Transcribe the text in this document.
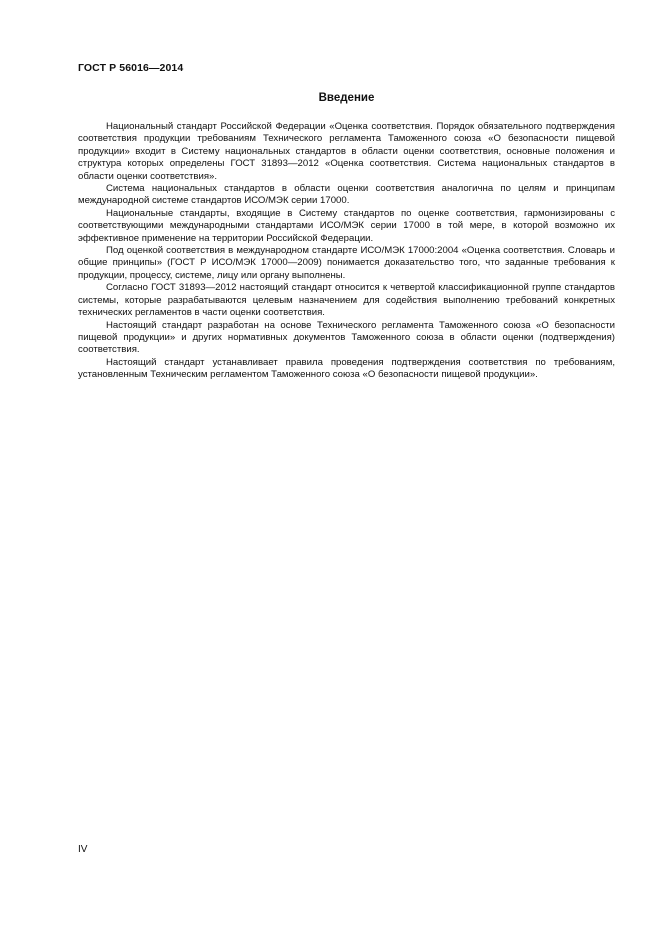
ГОСТ Р 56016—2014
Введение

Национальный стандарт Российской Федерации «Оценка соответствия. Порядок обязательного подтверждения соответствия продукции требованиям Технического регламента Таможенного союза «О безопасности пищевой продукции» входит в Систему национальных стандартов в области оценки соответствия, основные положения и структура которых определены ГОСТ 31893—2012 «Оценка соответствия. Система национальных стандартов в области оценки соответствия».

Система национальных стандартов в области оценки соответствия аналогична по целям и принципам международной системе стандартов ИСО/МЭК серии 17000.

Национальные стандарты, входящие в Систему стандартов по оценке соответствия, гармонизированы с соответствующими международными стандартами ИСО/МЭК серии 17000 в той мере, в которой возможно их эффективное применение на территории Российской Федерации.

Под оценкой соответствия в международном стандарте ИСО/МЭК 17000:2004 «Оценка соответствия. Словарь и общие принципы» (ГОСТ Р ИСО/МЭК 17000—2009) понимается доказательство того, что заданные требования к продукции, процессу, системе, лицу или органу выполнены.

Согласно ГОСТ 31893—2012 настоящий стандарт относится к четвертой классификационной группе стандартов системы, которые разрабатываются целевым назначением для содействия выполнению требований конкретных технических регламентов в части оценки соответствия.

Настоящий стандарт разработан на основе Технического регламента Таможенного союза «О безопасности пищевой продукции» и других нормативных документов Таможенного союза в области оценки (подтверждения) соответствия.

Настоящий стандарт устанавливает правила проведения подтверждения соответствия по требованиям, установленным Техническим регламентом Таможенного союза «О безопасности пищевой продукции».

IV
